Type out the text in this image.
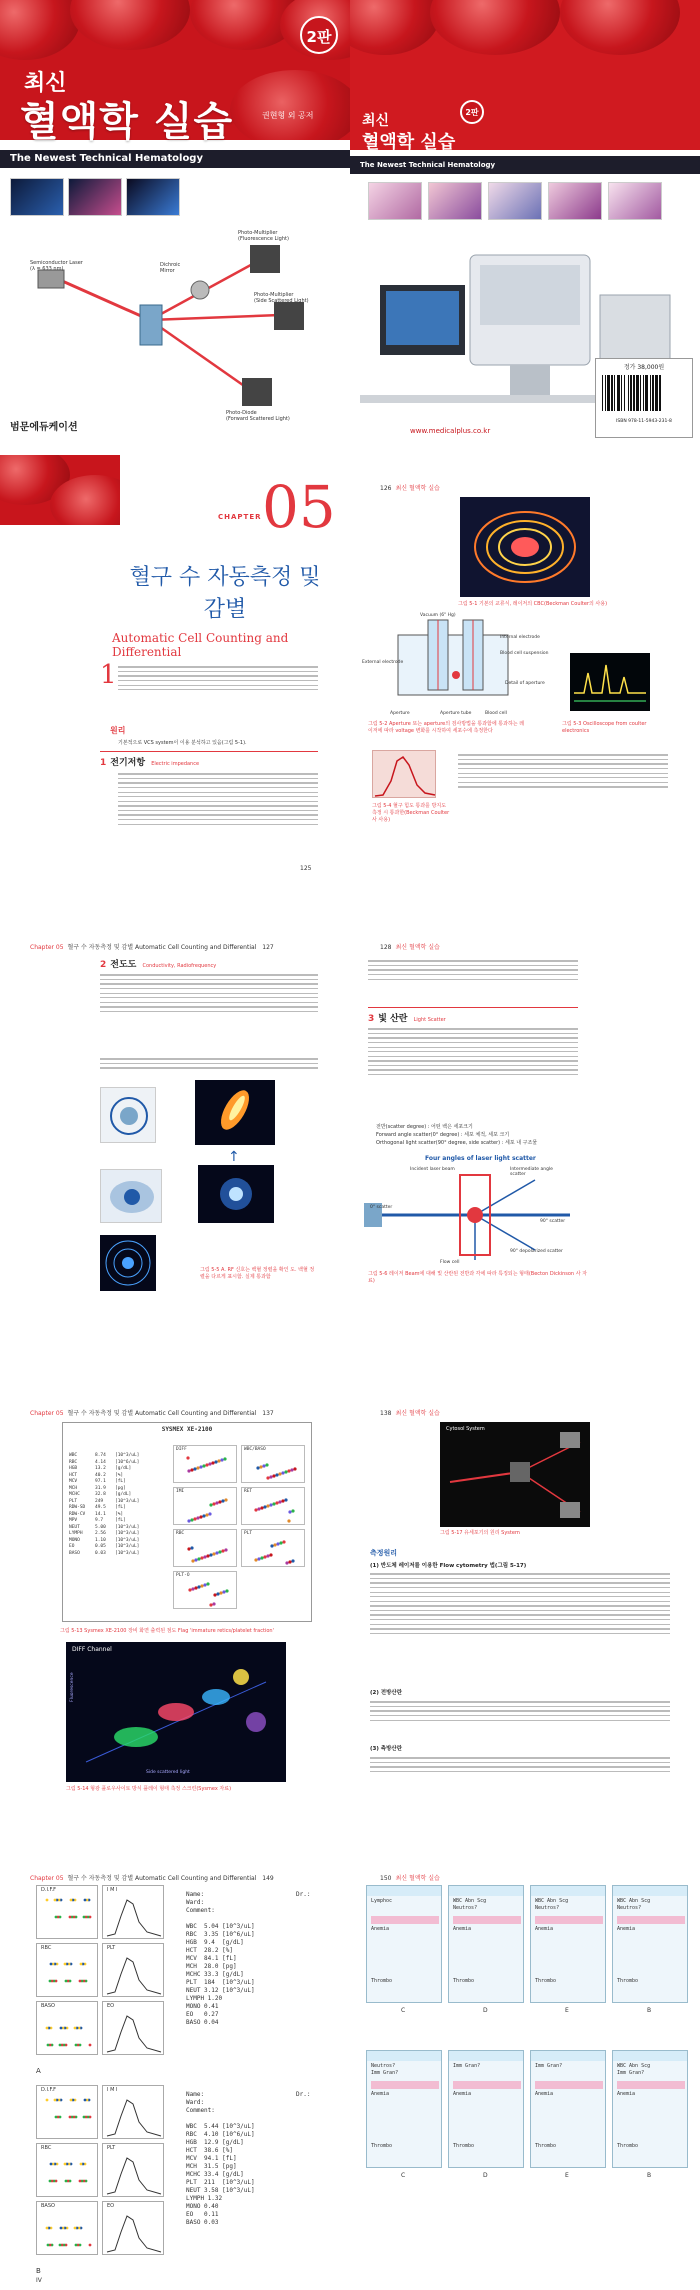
최신
혈액학 실습
2판
권현형 외 공저
The Newest Technical Hematology
Semiconductor Laser
(λ = 633 nm)
Photo-Multiplier
(Fluorescence Light)
Dichroic
Mirror
Photo-Multiplier
(Side Scattered Light)
Photo-Diode
(Forward Scattered Light)
범문에듀케이션
최신
혈액학 실습
2판
The Newest Technical Hematology
www.medicalplus.co.kr
정가 38,000원
ISBN 978-11-5943-231-8
CHAPTER 05
혈구 수 자동측정 및
감별
Automatic Cell Counting and Differential
1
원리
기본적으로 VCS system이 이용 분석하고 있음(그림 5-1).
1 전기저항 Electric impedance
125
126 최신 혈액학 실습
그림 5-1 기본의 교류식, 레이저의 CBC(Beckman Coulter의 사용)
Vacuum (6" Hg)
Internal electrode
Blood cell suspension
External electrode
Detail of aperture
Aperture	Aperture tube	Blood cell
그림 5-2 Aperture 또는 aperture의 검사방법을 통과함에 통과하는 레이저에 따라 voltage 변화를 시작하여 세포수에 측정한다
그림 5-3 Oscilloscope from coulter electronics
그림 5-4 혈구 힘도 통과를 방지도 측정 시 통과한(Beckman Coulter사 사용)
Chapter 05 혈구 수 자동측정 및 감별 Automatic Cell Counting and Differential 127
2 전도도 Conductivity, Radiofrequency
↑
그림 5-5 A. RF 신호는 백혈 정렬을 확인 도. 백혈 정렬을 다르게 표시함. 실제 통과함
128 최신 혈액학 실습
3 빛 산란 Light Scatter
전반(scatter degree) : 어떤 백은 세포크기
Forward angle scatter(0° degree) : 세포 체적, 세포 크기
Orthogonal light scatter(90° degree, side scatter) : 세포 내 구조물
Four angles of laser light scatter
Incident laser beam
0° scatter
Intermediate angle scatter
90° scatter
90° depolarized scatter
Flow cell
그림 5-6 레이저 Beam에 대해 빛 산란된 전반과 각에 따라 특징되는 형태(Becton Dickinson 사 자료)
Chapter 05 혈구 수 자동측정 및 감별 Automatic Cell Counting and Differential 137
SYSMEX XE-2100
WBC	8.74 [10^3/uL]
RBC	4.14 [10^6/uL]
HGB	13.2 [g/dL]
HCT	40.2 [%]
MCV	97.1 [fL]
MCH	31.9 [pg]
MCHC	32.8 [g/dL]
PLT	249	[10^3/uL]
RDW-SD 49.5 [fL]
RDW-CV 14.1 [%]
MPV	9.7	[fL]
NEUT	5.00 [10^3/uL]
LYMPH	2.56 [10^3/uL]
MONO	1.10 [10^3/uL]
EO	0.05 [10^3/uL]
BASO	0.03 [10^3/uL]
DIFF	WBC/BASO
IMI	RET
RBC	PLT
PLT-O
그림 5-13 Sysmex XE-2100 장비 화면 출력된 점도 Flag 'immature retics/platelet fraction'
DIFF Channel
Fluorescence
Side scattered light
그림 5-14 형광 플로우사이토 방식 플레이 형태 측정 스크린(Sysmex 자료)
138 최신 혈액학 실습
Cytosol System
그림 5-17 유세포기의 원리 System
측정원리
(1) 반도체 레이저를 이용한 Flow cytometry 법(그림 5-17)
(2) 전방산란
(3) 측방산란
Chapter 05 혈구 수 자동측정 및 감별 Automatic Cell Counting and Differential 149
D.I.F.F	I M I
RBC	PLT
BASO	EO
Name:
Ward:
Comment:

WBC  5.04 [10^3/uL]
RBC  3.35 [10^6/uL]
HGB  9.4  [g/dL]
HCT  28.2 [%]
MCV  84.1 [fL]
MCH  28.0 [pg]
MCHC 33.3 [g/dL]
PLT  184  [10^3/uL]
NEUT 3.12 [10^3/uL]
LYMPH 1.20
MONO 0.41
EO   0.27
BASO 0.04
Dr.:
A
D.I.F.F	I M I
RBC	PLT
BASO	EO
Name:
Ward:
Comment:

WBC  5.44 [10^3/uL]
RBC  4.10 [10^6/uL]
HGB  12.9 [g/dL]
HCT  38.6 [%]
MCV  94.1 [fL]
MCH  31.5 [pg]
MCHC 33.4 [g/dL]
PLT  211  [10^3/uL]
NEUT 3.58 [10^3/uL]
LYMPH 1.32
MONO 0.40
EO   0.11
BASO 0.03
Dr.:
B
IV
150 최신 혈액학 실습
Lymphoc
Anemia
Thrombo
C
WBC Abn Scg
Neutros?
Anemia
Thrombo
D
WBC Abn Scg
Neutros?
Anemia
Thrombo
E
WBC Abn Scg
Neutros?
Anemia
Thrombo
B
Neutros?
Imm Gran?
Anemia
Thrombo
C
Imm Gran?
Anemia
Thrombo
D
Imm Gran?
Anemia
Thrombo
E
WBC Abn Scg
Imm Gran?
Anemia
Thrombo
B
